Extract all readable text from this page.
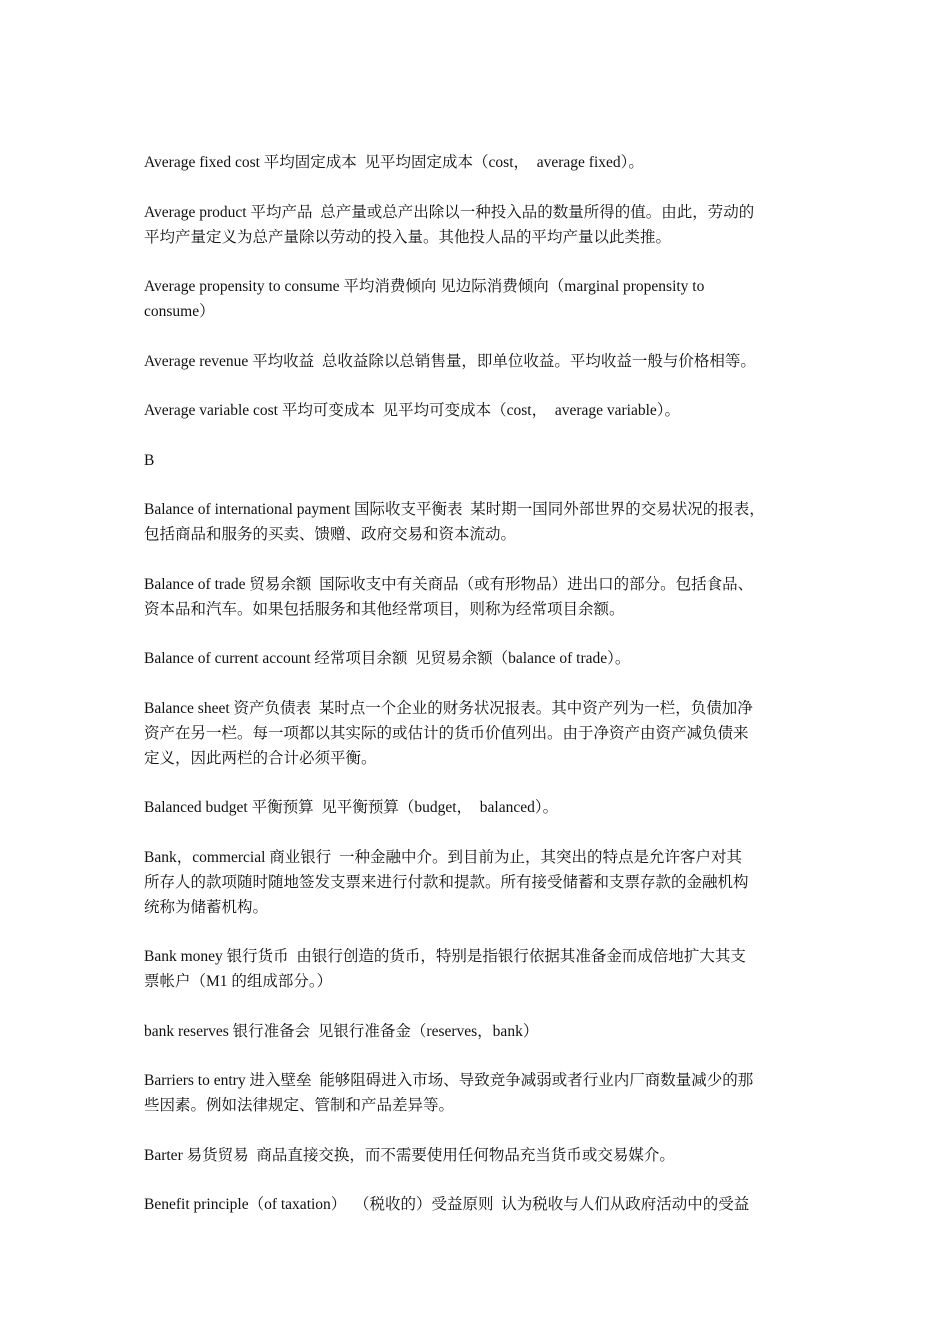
Average fixed cost 平均固定成本  见平均固定成本（cost，  average fixed）。
Average product 平均产品  总产量或总产出除以一种投入品的数量所得的值。由此，劳动的
平均产量定义为总产量除以劳动的投入量。其他投人品的平均产量以此类推。
Average propensity to consume 平均消费倾向 见边际消费倾向（marginal propensity to
consume）
Average revenue 平均收益  总收益除以总销售量，即单位收益。平均收益一般与价格相等。
Average variable cost 平均可变成本  见平均可变成本（cost，  average variable）。
B
Balance of international payment 国际收支平衡表  某时期一国同外部世界的交易状况的报表，
包括商品和服务的买卖、馈赠、政府交易和资本流动。
Balance of trade 贸易余额  国际收支中有关商品（或有形物品）进出口的部分。包括食品、
资本品和汽车。如果包括服务和其他经常项目，则称为经常项目余额。
Balance of current account 经常项目余额  见贸易余额（balance of trade）。
Balance sheet 资产负债表  某时点一个企业的财务状况报表。其中资产列为一栏，负债加净
资产在另一栏。每一项都以其实际的或估计的货币价值列出。由于净资产由资产减负债来
定义，因此两栏的合计必须平衡。
Balanced budget 平衡预算  见平衡预算（budget，  balanced）。
Bank，commercial 商业银行  一种金融中介。到目前为止，其突出的特点是允许客户对其
所存人的款项随时随地签发支票来进行付款和提款。所有接受储蓄和支票存款的金融机构
统称为储蓄机构。
Bank money 银行货币  由银行创造的货币，特别是指银行依据其准备金而成倍地扩大其支
票帐户（M1 的组成部分。）
bank reserves 银行准备会  见银行准备金（reserves，bank）
Barriers to entry 进入壁垒  能够阻碍进入市场、导致竞争减弱或者行业内厂商数量减少的那
些因素。例如法律规定、管制和产品差异等。
Barter 易货贸易  商品直接交换，而不需要使用任何物品充当货币或交易媒介。
Benefit principle（of taxation）  （税收的）受益原则  认为税收与人们从政府活动中的受益
